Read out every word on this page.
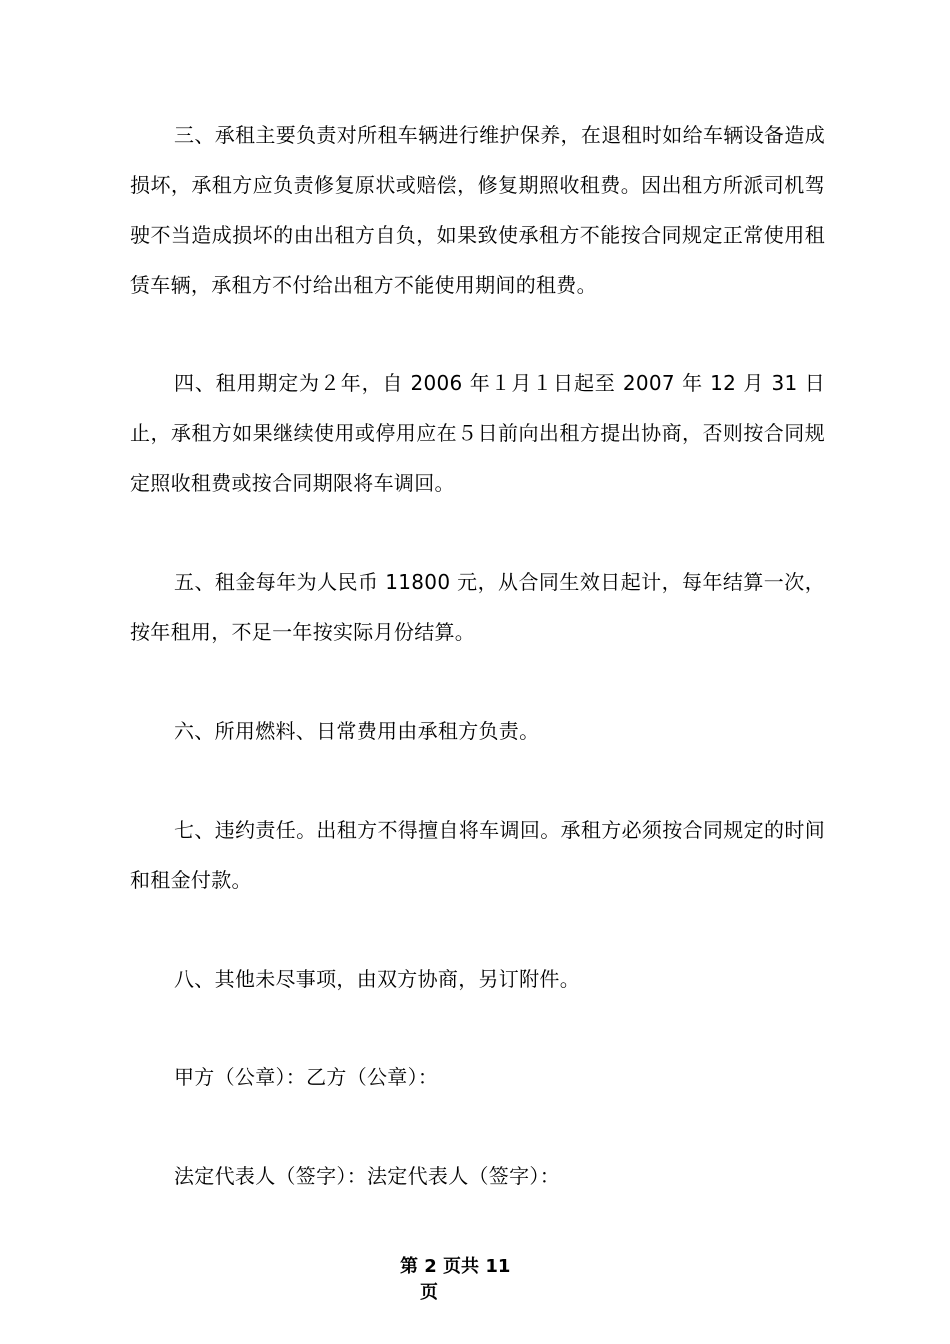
三、承租主要负责对所租车辆进行维护保养，在退租时如给车辆设备造成损坏，承租方应负责修复原状或赔偿，修复期照收租费。因出租方所派司机驾驶不当造成损坏的由出租方自负，如果致使承租方不能按合同规定正常使用租赁车辆，承租方不付给出租方不能使用期间的租费。

四、租用期定为２年，自 2006 年１月１日起至 2007 年 12 月 31 日止，承租方如果继续使用或停用应在５日前向出租方提出协商，否则按合同规定照收租费或按合同期限将车调回。

五、租金每年为人民币 11800 元，从合同生效日起计，每年结算一次，按年租用，不足一年按实际月份结算。

六、所用燃料、日常费用由承租方负责。

七、违约责任。出租方不得擅自将车调回。承租方必须按合同规定的时间和租金付款。

八、其他未尽事项，由双方协商，另订附件。

甲方（公章）：乙方（公章）：

法定代表人（签字）：法定代表人（签字）：

第 2 页共 11
页
